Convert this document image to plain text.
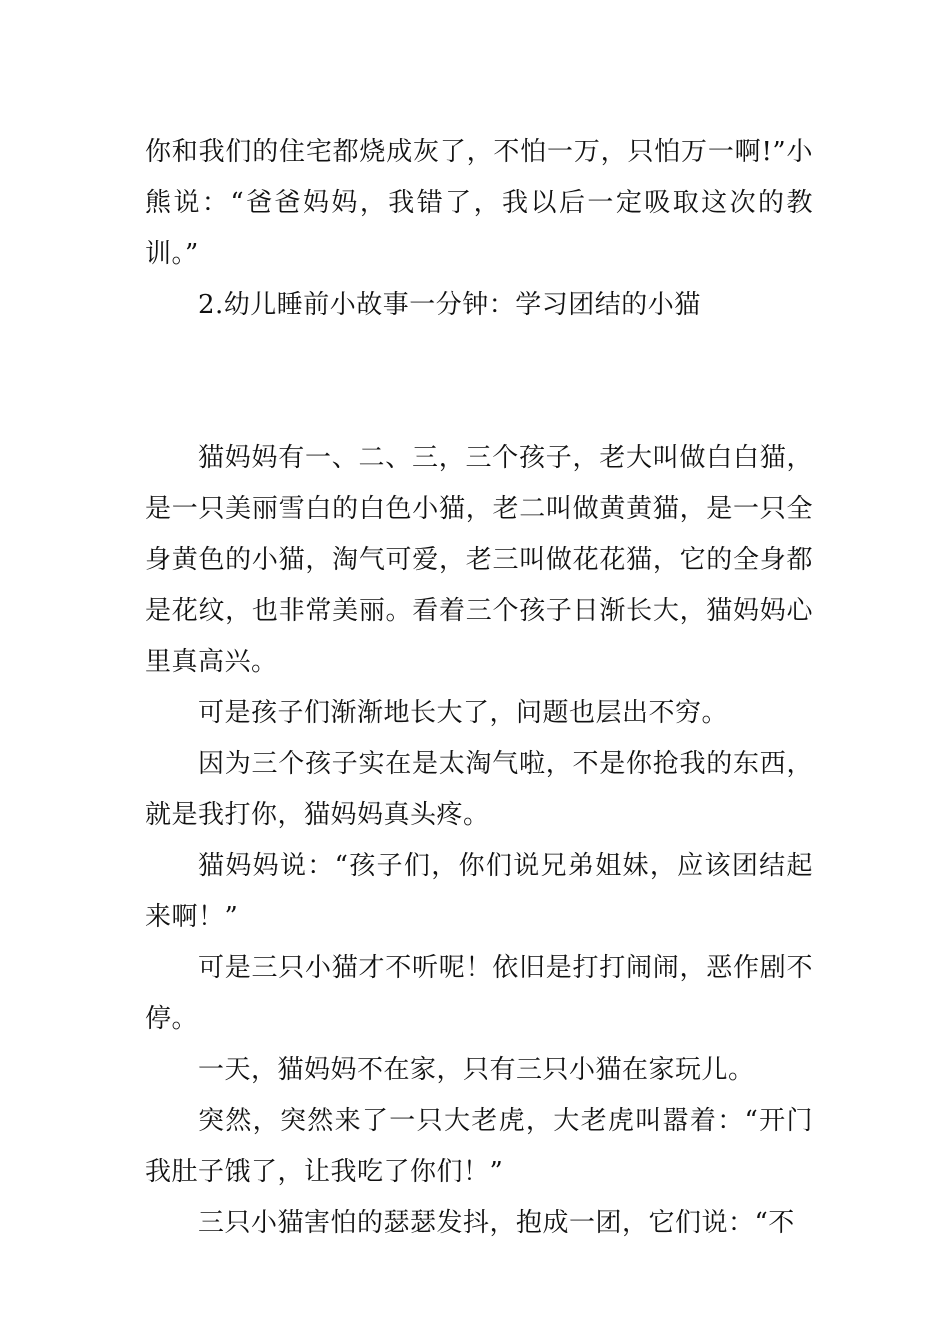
你和我们的住宅都烧成灰了，不怕一万，只怕万一啊!”小熊说：“爸爸妈妈，我错了，我以后一定吸取这次的教训。”

2.幼儿睡前小故事一分钟：学习团结的小猫

猫妈妈有一、二、三，三个孩子，老大叫做白白猫，是一只美丽雪白的白色小猫，老二叫做黄黄猫，是一只全身黄色的小猫，淘气可爱，老三叫做花花猫，它的全身都是花纹，也非常美丽。看着三个孩子日渐长大，猫妈妈心里真高兴。

可是孩子们渐渐地长大了，问题也层出不穷。

因为三个孩子实在是太淘气啦，不是你抢我的东西，就是我打你，猫妈妈真头疼。

猫妈妈说：“孩子们，你们说兄弟姐妹，应该团结起来啊！”

可是三只小猫才不听呢！依旧是打打闹闹，恶作剧不停。

一天，猫妈妈不在家，只有三只小猫在家玩儿。

突然，突然来了一只大老虎，大老虎叫嚣着：“开门我肚子饿了，让我吃了你们！”

三只小猫害怕的瑟瑟发抖，抱成一团，它们说：“不
